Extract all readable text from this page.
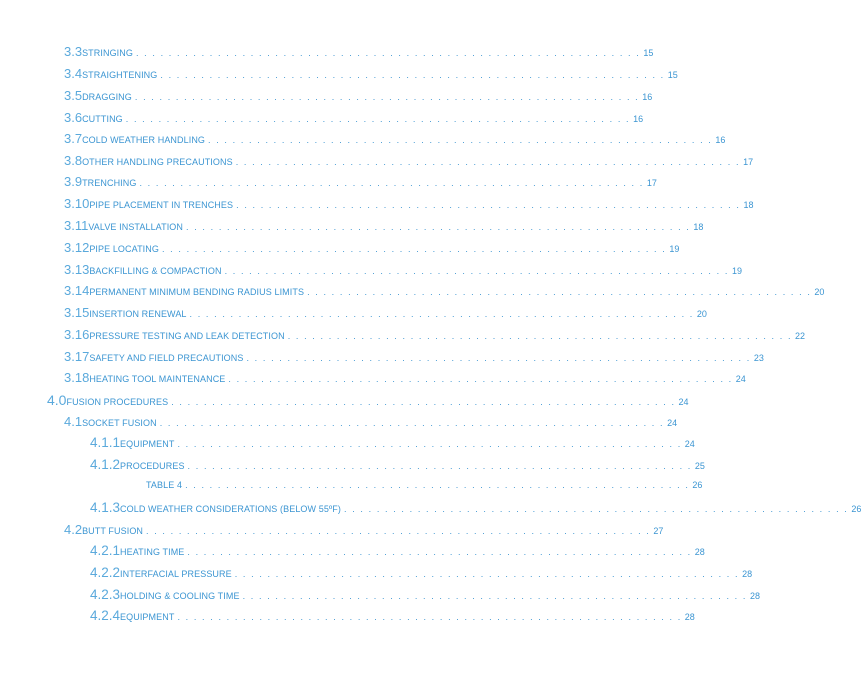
3.3 STRINGING . . . . . . . . . . . . . . . . . . . . . . . . . . . . . . . . . . . . . . . . . . . . . . . . . . . . . . . . . . . . . . 15
3.4 STRAIGHTENING . . . . . . . . . . . . . . . . . . . . . . . . . . . . . . . . . . . . . . . . . . . . . . . . . . . . . . . . . . . . . . 15
3.5 DRAGGING . . . . . . . . . . . . . . . . . . . . . . . . . . . . . . . . . . . . . . . . . . . . . . . . . . . . . . . . . . . . . . 16
3.6 CUTTING . . . . . . . . . . . . . . . . . . . . . . . . . . . . . . . . . . . . . . . . . . . . . . . . . . . . . . . . . . . . . . 16
3.7 COLD WEATHER HANDLING . . . . . . . . . . . . . . . . . . . . . . . . . . . . . . . . . . . . . . . . . . . . . . . . . . . . . . . . . . . . . . 16
3.8 OTHER HANDLING PRECAUTIONS . . . . . . . . . . . . . . . . . . . . . . . . . . . . . . . . . . . . . . . . . . . . . . . . . . . . . . . . . . . . . . 17
3.9 TRENCHING . . . . . . . . . . . . . . . . . . . . . . . . . . . . . . . . . . . . . . . . . . . . . . . . . . . . . . . . . . . . . . 17
3.10 PIPE PLACEMENT IN TRENCHES . . . . . . . . . . . . . . . . . . . . . . . . . . . . . . . . . . . . . . . . . . . . . . . . . . . . . . . . . . . . . . 18
3.11 VALVE INSTALLATION . . . . . . . . . . . . . . . . . . . . . . . . . . . . . . . . . . . . . . . . . . . . . . . . . . . . . . . . . . . . . . 18
3.12 PIPE LOCATING . . . . . . . . . . . . . . . . . . . . . . . . . . . . . . . . . . . . . . . . . . . . . . . . . . . . . . . . . . . . . . 19
3.13 BACKFILLING & COMPACTION . . . . . . . . . . . . . . . . . . . . . . . . . . . . . . . . . . . . . . . . . . . . . . . . . . . . . . . . . . . . . . 19
3.14 PERMANENT MINIMUM BENDING RADIUS LIMITS . . . . . . . . . . . . . . . . . . . . . . . . . . . . . . . . . . . . . . . . . . . . . . . . . . . . . . . . . . . . . . 20
3.15 INSERTION RENEWAL . . . . . . . . . . . . . . . . . . . . . . . . . . . . . . . . . . . . . . . . . . . . . . . . . . . . . . . . . . . . . . 20
3.16 PRESSURE TESTING AND LEAK DETECTION . . . . . . . . . . . . . . . . . . . . . . . . . . . . . . . . . . . . . . . . . . . . . . . . . . . . . . . . . . . . . . 22
3.17 SAFETY AND FIELD PRECAUTIONS . . . . . . . . . . . . . . . . . . . . . . . . . . . . . . . . . . . . . . . . . . . . . . . . . . . . . . . . . . . . . . 23
3.18 HEATING TOOL MAINTENANCE . . . . . . . . . . . . . . . . . . . . . . . . . . . . . . . . . . . . . . . . . . . . . . . . . . . . . . . . . . . . . . 24
4.0 FUSION PROCEDURES . . . . . . . . . . . . . . . . . . . . . . . . . . . . . . . . . . . . . . . . . . . . . . . . . . . . . . . . . . . . . . 24
4.1 SOCKET FUSION . . . . . . . . . . . . . . . . . . . . . . . . . . . . . . . . . . . . . . . . . . . . . . . . . . . . . . . . . . . . . . 24
4.1.1 EQUIPMENT . . . . . . . . . . . . . . . . . . . . . . . . . . . . . . . . . . . . . . . . . . . . . . . . . . . . . . . . . . . . . . 24
4.1.2 PROCEDURES . . . . . . . . . . . . . . . . . . . . . . . . . . . . . . . . . . . . . . . . . . . . . . . . . . . . . . . . . . . . . . 25
TABLE 4 . . . . . . . . . . . . . . . . . . . . . . . . . . . . . . . . . . . . . . . . . . . . . . . . . . . . . . . . . . . . . . 26
4.1.3 COLD WEATHER CONSIDERATIONS (BELOW 55ºF) . . . . . . . . . . . . . . . . . . . . . . . . . . . . . . . . . . . . . . . . . . . . . . . . . . . . . . . . . . . . . . 26
4.2 BUTT FUSION . . . . . . . . . . . . . . . . . . . . . . . . . . . . . . . . . . . . . . . . . . . . . . . . . . . . . . . . . . . . . . 27
4.2.1 HEATING TIME . . . . . . . . . . . . . . . . . . . . . . . . . . . . . . . . . . . . . . . . . . . . . . . . . . . . . . . . . . . . . . 28
4.2.2 INTERFACIAL PRESSURE . . . . . . . . . . . . . . . . . . . . . . . . . . . . . . . . . . . . . . . . . . . . . . . . . . . . . . . . . . . . . . 28
4.2.3 HOLDING & COOLING TIME . . . . . . . . . . . . . . . . . . . . . . . . . . . . . . . . . . . . . . . . . . . . . . . . . . . . . . . . . . . . . . 28
4.2.4 EQUIPMENT . . . . . . . . . . . . . . . . . . . . . . . . . . . . . . . . . . . . . . . . . . . . . . . . . . . . . . . . . . . . . . 28
